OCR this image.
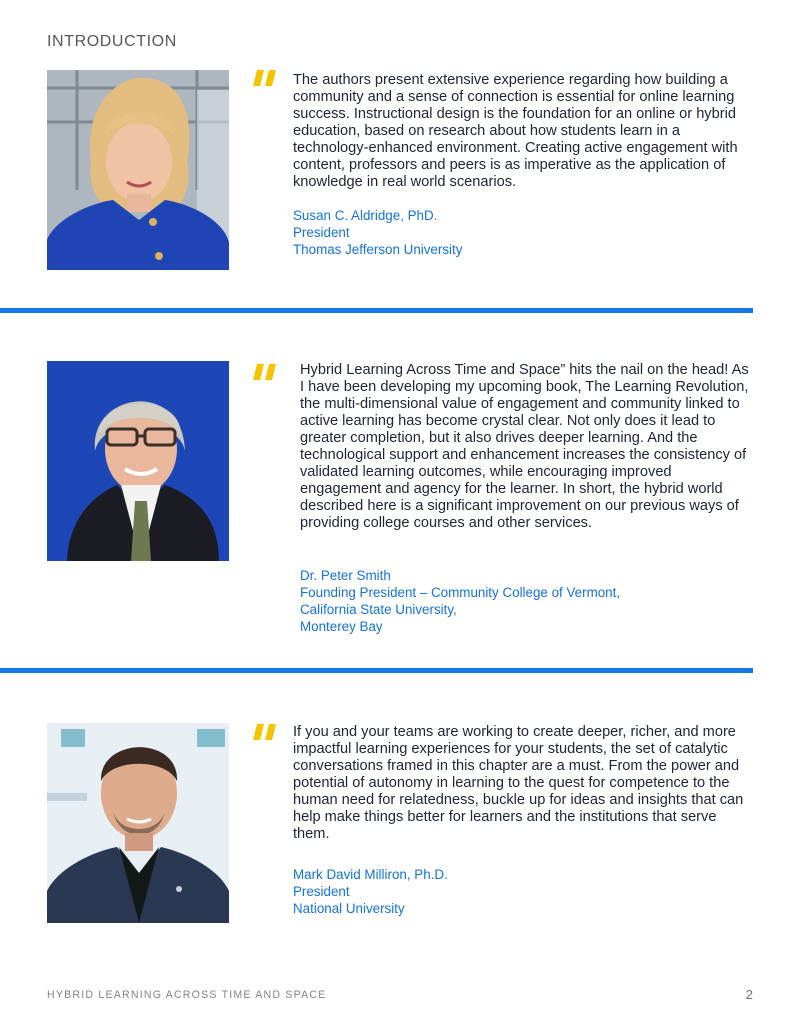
INTRODUCTION

The authors present extensive experience regarding how building a community and a sense of connection is essential for online learning success. Instructional design is the foundation for an online or hybrid education, based on research about how students learn in a technology-enhanced environment. Creating active engagement with content, professors and peers is as imperative as the application of knowledge in real world scenarios.

Susan C. Aldridge, PhD.
President
Thomas Jefferson University

Hybrid Learning Across Time and Space” hits the nail on the head! As I have been developing my upcoming book, The Learning Revolution, the multi-dimensional value of engagement and community linked to active learning has become crystal clear. Not only does it lead to greater completion, but it also drives deeper learning. And the technological support and enhancement increases the consistency of validated learning outcomes, while encouraging improved engagement and agency for the learner. In short, the hybrid world described here is a significant improvement on our previous ways of providing college courses and other services.

Dr. Peter Smith
Founding President – Community College of Vermont,
California State University,
Monterey Bay

If you and your teams are working to create deeper, richer, and more impactful learning experiences for your students, the set of catalytic conversations framed in this chapter are a must. From the power and potential of autonomy in learning to the quest for competence to the human need for relatedness, buckle up for ideas and insights that can help make things better for learners and the institutions that serve them.

Mark David Milliron, Ph.D.
President
National University
HYBRID LEARNING ACROSS TIME AND SPACE	2
